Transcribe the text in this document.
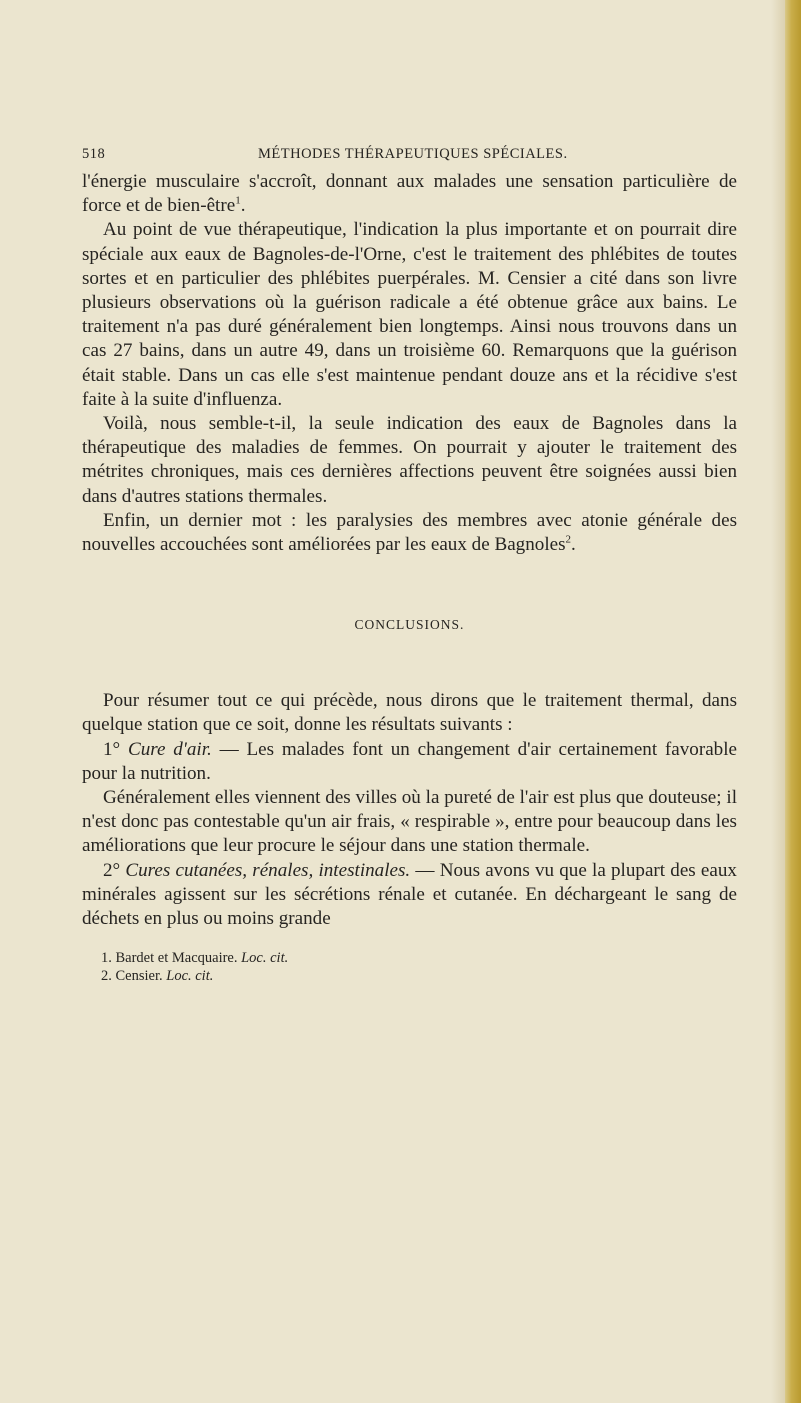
518	MÉTHODES THÉRAPEUTIQUES SPÉCIALES.

l'énergie musculaire s'accroît, donnant aux malades une sensation particulière de force et de bien-être$^1$.

Au point de vue thérapeutique, l'indication la plus importante et on pourrait dire spéciale aux eaux de Bagnoles-de-l'Orne, c'est le traitement des phlébites de toutes sortes et en particulier des phlébites puerpérales. M. Censier a cité dans son livre plusieurs observations où la guérison radicale a été obtenue grâce aux bains. Le traitement n'a pas duré généralement bien longtemps. Ainsi nous trouvons dans un cas 27 bains, dans un autre 49, dans un troisième 60. Remarquons que la guérison était stable. Dans un cas elle s'est maintenue pendant douze ans et la récidive s'est faite à la suite d'influenza.

Voilà, nous semble-t-il, la seule indication des eaux de Bagnoles dans la thérapeutique des maladies de femmes. On pourrait y ajouter le traitement des métrites chroniques, mais ces dernières affections peuvent être soignées aussi bien dans d'autres stations thermales.

Enfin, un dernier mot : les paralysies des membres avec atonie générale des nouvelles accouchées sont améliorées par les eaux de Bagnoles$^2$.

CONCLUSIONS.

Pour résumer tout ce qui précède, nous dirons que le traitement thermal, dans quelque station que ce soit, donne les résultats suivants :

1° Cure d'air. — Les malades font un changement d'air certainement favorable pour la nutrition.

Généralement elles viennent des villes où la pureté de l'air est plus que douteuse; il n'est donc pas contestable qu'un air frais, « respirable », entre pour beaucoup dans les améliorations que leur procure le séjour dans une station thermale.

2° Cures cutanées, rénales, intestinales. — Nous avons vu que la plupart des eaux minérales agissent sur les sécrétions rénale et cutanée. En déchargeant le sang de déchets en plus ou moins grande

1. Bardet et Macquaire. Loc. cit.
2. Censier. Loc. cit.
